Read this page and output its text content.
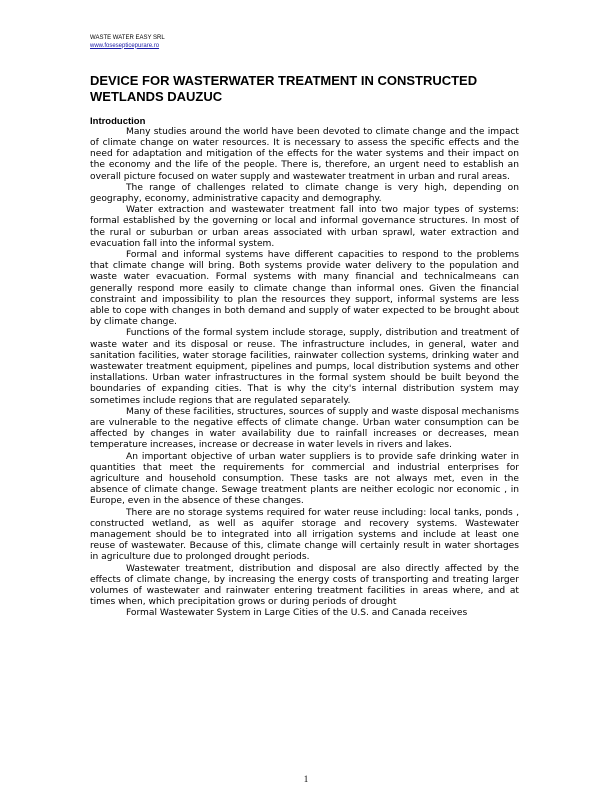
WASTE WATER EASY SRL
www.fosesepticepurare.ro
DEVICE FOR WASTERWATER TREATMENT IN CONSTRUCTED WETLANDS DAUZUC
Introduction

Many studies around the world have been devoted to climate change and the impact of climate change on water resources. It is necessary to assess the specific effects and the need for adaptation and mitigation of the effects for the water systems and their impact on the economy and the life of the people. There is, therefore, an urgent need to establish an overall picture focused on water supply and wastewater treatment in urban and rural areas.

The range of challenges related to climate change is very high, depending on geography, economy, administrative capacity and demography.

Water extraction and wastewater treatment fall into two major types of systems: formal established by the governing or local and informal governance structures. In most of the rural or suburban or urban areas associated with urban sprawl, water extraction and evacuation fall into the informal system.

Formal and informal systems have different capacities to respond to the problems that climate change will bring. Both systems provide water delivery to the population and waste water evacuation. Formal systems with many financial and technicalmeans can generally respond more easily to climate change than informal ones. Given the financial constraint and impossibility to plan the resources they support, informal systems are less able to cope with changes in both demand and supply of water expected to be brought about by climate change.

Functions of the formal system include storage, supply, distribution and treatment of waste water and its disposal or reuse. The infrastructure includes, in general, water and sanitation facilities, water storage facilities, rainwater collection systems, drinking water and wastewater treatment equipment, pipelines and pumps, local distribution systems and other installations. Urban water infrastructures in the formal system should be built beyond the boundaries of expanding cities. That is why the city's internal distribution system may sometimes include regions that are regulated separately.

Many of these facilities, structures, sources of supply and waste disposal mechanisms are vulnerable to the negative effects of climate change. Urban water consumption can be affected by changes in water availability due to rainfall increases or decreases, mean temperature increases, increase or decrease in water levels in rivers and lakes.

An important objective of urban water suppliers is to provide safe drinking water in quantities that meet the requirements for commercial and industrial enterprises for agriculture and household consumption. These tasks are not always met, even in the absence of climate change. Sewage treatment plants are neither ecologic nor economic , in Europe, even in the absence of these changes.

There are no storage systems required for water reuse including: local tanks, ponds , constructed wetland, as well as aquifer storage and recovery systems. Wastewater management should be to integrated into all irrigation systems and include at least one reuse of wastewater. Because of this, climate change will certainly result in water shortages in agriculture due to prolonged drought periods.

Wastewater treatment, distribution and disposal are also directly affected by the effects of climate change, by increasing the energy costs of transporting and treating larger volumes of wastewater and rainwater entering treatment facilities in areas where, and at times when, which precipitation grows or during periods of drought

Formal Wastewater System in Large Cities of the U.S. and Canada receives

1
